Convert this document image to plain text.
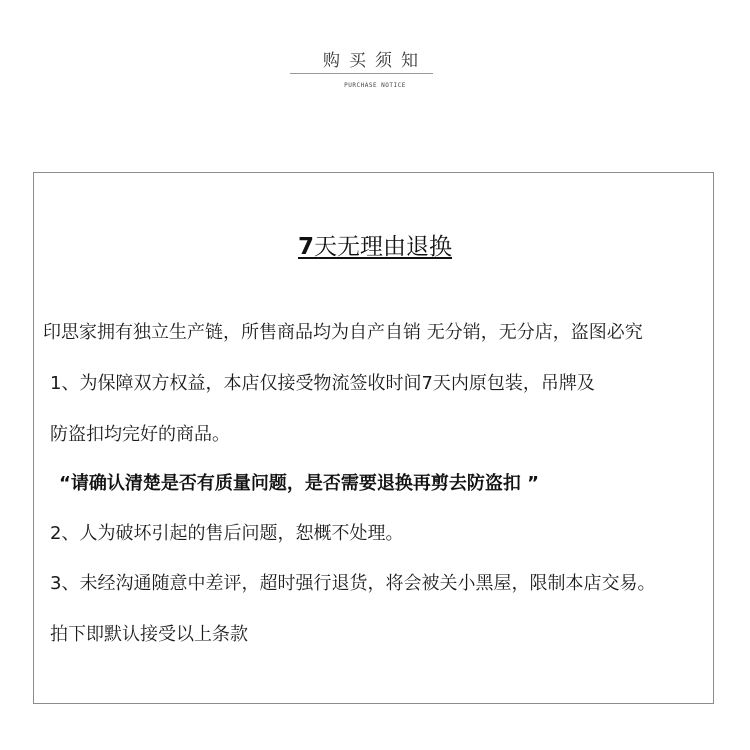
购买须知
PURCHASE NOTICE
7天无理由退换
印思家拥有独立生产链，所售商品均为自产自销 无分销，无分店，盗图必究
1、为保障双方权益，本店仅接受物流签收时间7天内原包装，吊牌及
防盗扣均完好的商品。
“请确认清楚是否有质量问题，是否需要退换再剪去防盗扣 ”
2、人为破坏引起的售后问题，恕概不处理。
3、未经沟通随意中差评，超时强行退货，将会被关小黑屋，限制本店交易。
拍下即默认接受以上条款
